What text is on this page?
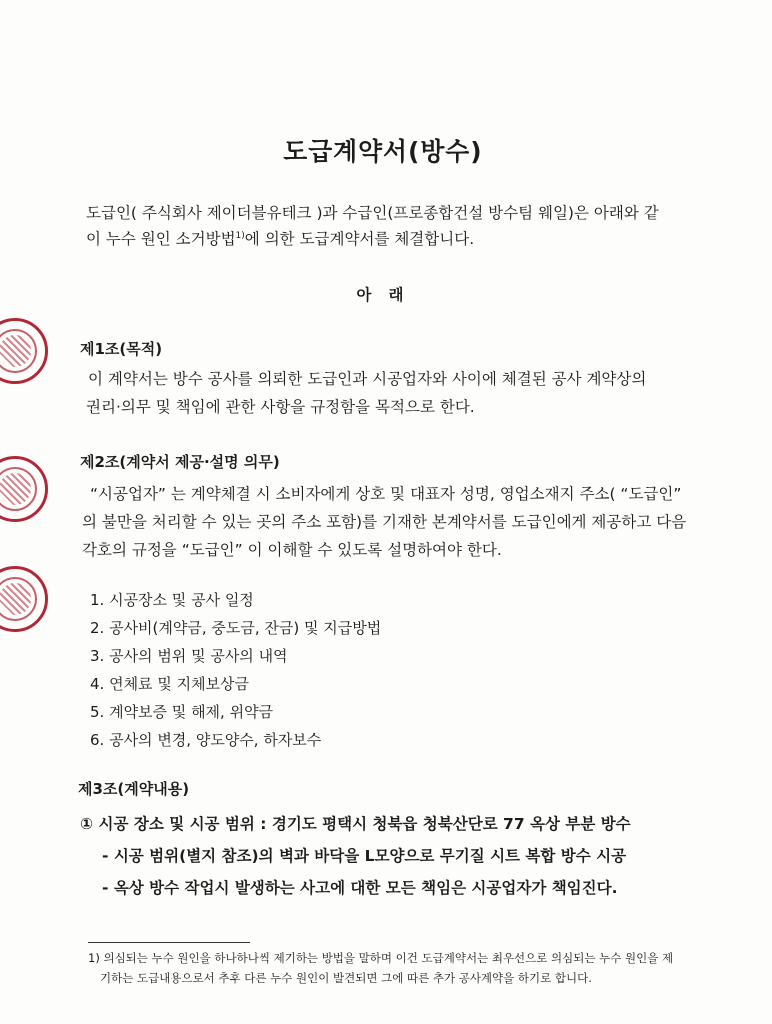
도급계약서(방수)
도급인( 주식회사 제이더블유테크 )과 수급인(프로종합건설 방수팀 웨일)은 아래와 같
이 누수 원인 소거방법$^{1)}$에 의한 도급계약서를 체결합니다.
아 래
제1조(목적)
이 계약서는 방수 공사를 의뢰한 도급인과 시공업자와 사이에 체결된 공사 계약상의
권리·의무 및 책임에 관한 사항을 규정함을 목적으로 한다.
제2조(계약서 제공·설명 의무)
“시공업자” 는 계약체결 시 소비자에게 상호 및 대표자 성명, 영업소재지 주소( “도급인”
의 불만을 처리할 수 있는 곳의 주소 포함)를 기재한 본계약서를 도급인에게 제공하고 다음
각호의 규정을 “도급인” 이 이해할 수 있도록 설명하여야 한다.
1. 시공장소 및 공사 일정
2. 공사비(계약금, 중도금, 잔금) 및 지급방법
3. 공사의 범위 및 공사의 내역
4. 연체료 및 지체보상금
5. 계약보증 및 해제, 위약금
6. 공사의 변경, 양도양수, 하자보수
제3조(계약내용)
① 시공 장소 및 시공 범위 : 경기도 평택시 청북읍 청북산단로 77 옥상 부분 방수
- 시공 범위(별지 참조)의 벽과 바닥을 L모양으로 무기질 시트 복합 방수 시공
- 옥상 방수 작업시 발생하는 사고에 대한 모든 책임은 시공업자가 책임진다.
1) 의심되는 누수 원인을 하나하나씩 제기하는 방법을 말하며 이건 도급계약서는 최우선으로 의심되는 누수 원인을 제
기하는 도급내용으로서 추후 다른 누수 원인이 발견되면 그에 따른 추가 공사계약을 하기로 합니다.
